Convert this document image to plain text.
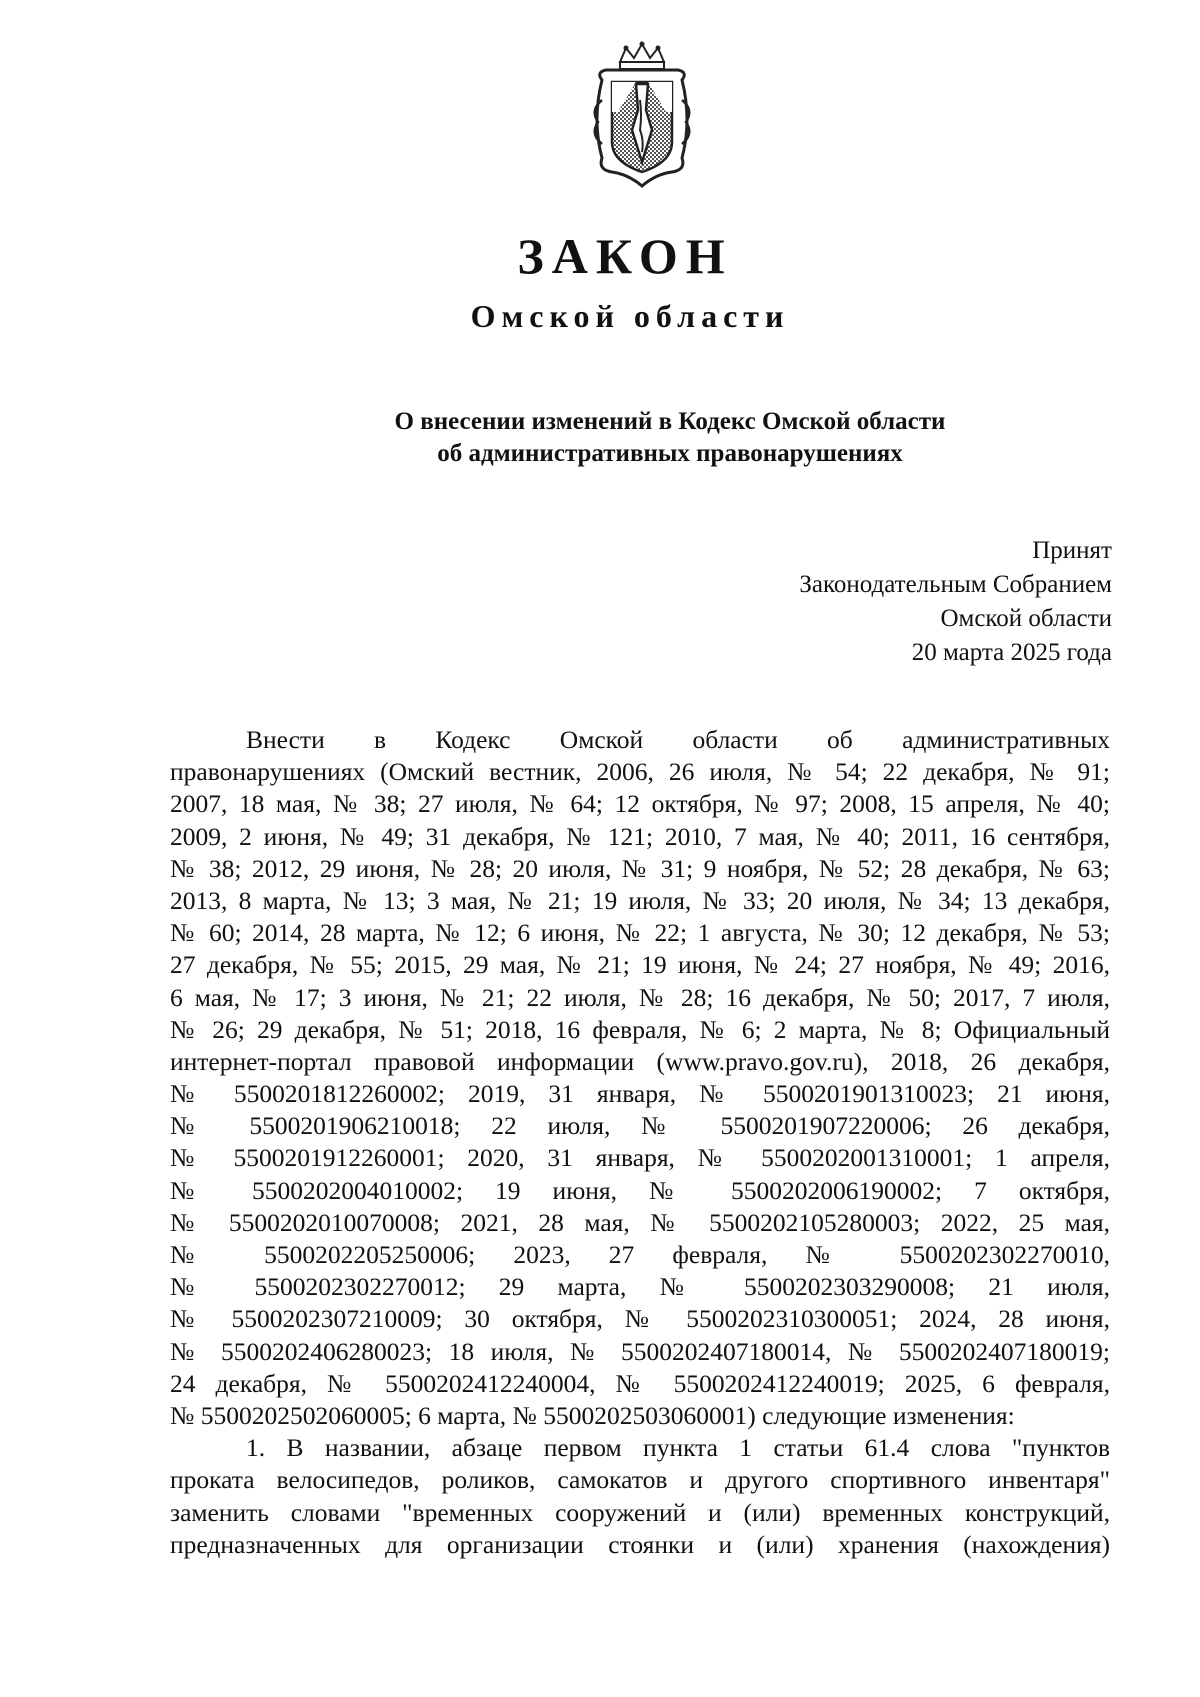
ЗАКОН
Омской области
О внесении изменений в Кодекс Омской области
об административных правонарушениях
Принят
Законодательным Собранием
Омской области
20 марта 2025 года
Внести в Кодекс Омской области об административных
правонарушениях (Омский вестник, 2006, 26 июля, № 54; 22 декабря, № 91;
2007, 18 мая, № 38; 27 июля, № 64; 12 октября, № 97; 2008, 15 апреля, № 40;
2009, 2 июня, № 49; 31 декабря, № 121; 2010, 7 мая, № 40; 2011, 16 сентября,
№ 38; 2012, 29 июня, № 28; 20 июля, № 31; 9 ноября, № 52; 28 декабря, № 63;
2013, 8 марта, № 13; 3 мая, № 21; 19 июля, № 33; 20 июля, № 34; 13 декабря,
№ 60; 2014, 28 марта, № 12; 6 июня, № 22; 1 августа, № 30; 12 декабря, № 53;
27 декабря, № 55; 2015, 29 мая, № 21; 19 июня, № 24; 27 ноября, № 49; 2016,
6 мая, № 17; 3 июня, № 21; 22 июля, № 28; 16 декабря, № 50; 2017, 7 июля,
№ 26; 29 декабря, № 51; 2018, 16 февраля, № 6; 2 марта, № 8; Официальный
интернет-портал правовой информации (www.pravo.gov.ru), 2018, 26 декабря,
№ 5500201812260002; 2019, 31 января, № 5500201901310023; 21 июня,
№ 5500201906210018; 22 июля, № 5500201907220006; 26 декабря,
№ 5500201912260001; 2020, 31 января, № 5500202001310001; 1 апреля,
№ 5500202004010002; 19 июня, № 5500202006190002; 7 октября,
№ 5500202010070008; 2021, 28 мая, № 5500202105280003; 2022, 25 мая,
№ 5500202205250006; 2023, 27 февраля, № 5500202302270010,
№ 5500202302270012; 29 марта, № 5500202303290008; 21 июля,
№ 5500202307210009; 30 октября, № 5500202310300051; 2024, 28 июня,
№ 5500202406280023; 18 июля, № 5500202407180014, № 5500202407180019;
24 декабря, № 5500202412240004, № 5500202412240019; 2025, 6 февраля,
№ 5500202502060005; 6 марта, № 5500202503060001) следующие изменения:
1. В названии, абзаце первом пункта 1 статьи 61.4 слова "пунктов
проката велосипедов, роликов, самокатов и другого спортивного инвентаря"
заменить словами "временных сооружений и (или) временных конструкций,
предназначенных для организации стоянки и (или) хранения (нахождения)
